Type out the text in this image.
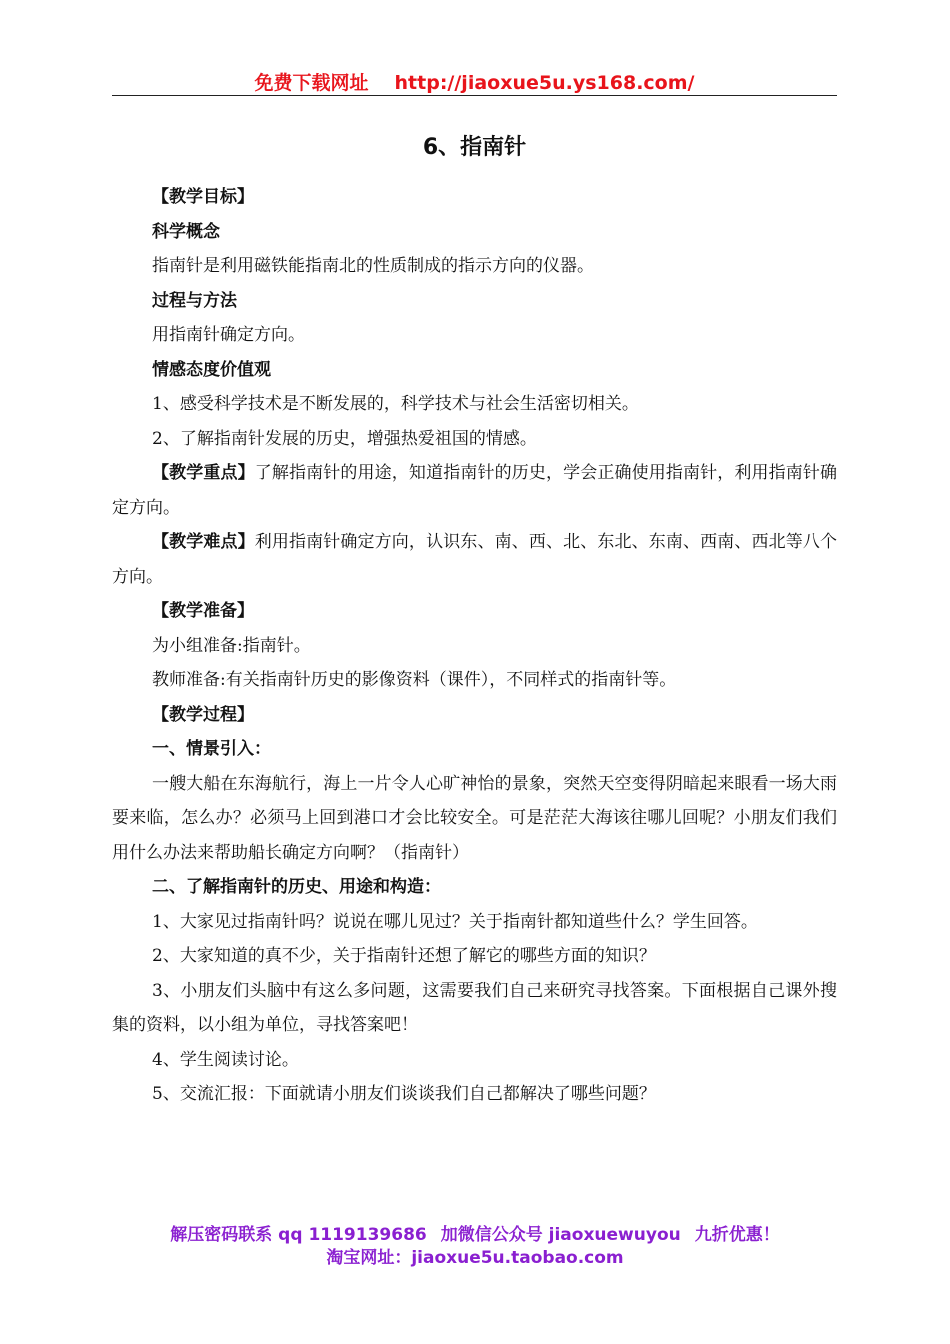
免费下载网址 http://jiaoxue5u.ys168.com/
6、指南针

【教学目标】

科学概念

指南针是利用磁铁能指南北的性质制成的指示方向的仪器。

过程与方法

用指南针确定方向。

情感态度价值观

1、感受科学技术是不断发展的，科学技术与社会生活密切相关。

2、了解指南针发展的历史，增强热爱祖国的情感。

【教学重点】了解指南针的用途，知道指南针的历史，学会正确使用指南针，利用指南针确定方向。

【教学难点】利用指南针确定方向，认识东、南、西、北、东北、东南、西南、西北等八个方向。

【教学准备】

为小组准备:指南针。

教师准备:有关指南针历史的影像资料（课件），不同样式的指南针等。

【教学过程】

一、情景引入：

一艘大船在东海航行，海上一片令人心旷神怡的景象，突然天空变得阴暗起来眼看一场大雨要来临，怎么办？必须马上回到港口才会比较安全。可是茫茫大海该往哪儿回呢？小朋友们我们用什么办法来帮助船长确定方向啊？（指南针）

二、了解指南针的历史、用途和构造：

1、大家见过指南针吗？说说在哪儿见过？关于指南针都知道些什么？学生回答。

2、大家知道的真不少，关于指南针还想了解它的哪些方面的知识？

3、小朋友们头脑中有这么多问题，这需要我们自己来研究寻找答案。下面根据自己课外搜集的资料，以小组为单位，寻找答案吧！

4、学生阅读讨论。

5、交流汇报：下面就请小朋友们谈谈我们自己都解决了哪些问题？

解压密码联系 qq 1119139686 加微信公众号 jiaoxuewuyou 九折优惠！
淘宝网址：jiaoxue5u.taobao.com
